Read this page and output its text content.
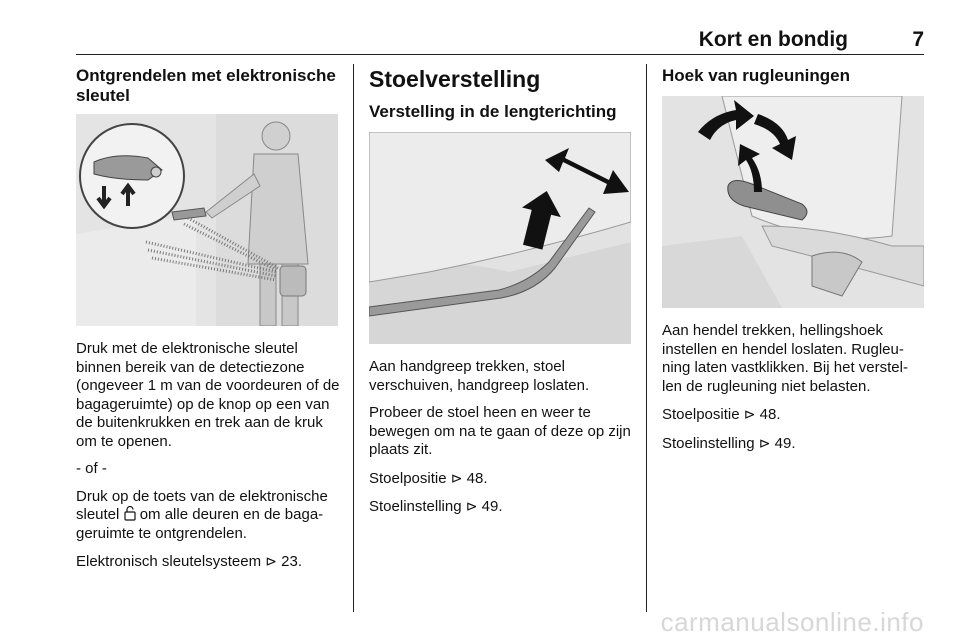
Kort en bondig	7
Ontgrendelen met elektronische sleutel

Druk met de elektronische sleutel binnen bereik van de detectiezone (ongeveer 1 m van de voordeuren of de bagageruimte) op de knop op een van de buitenkrukken en trek aan de kruk om te openen.

- of -

Druk op de toets van de elektronische sleutel om alle deuren en de baga-geruimte te ontgrendelen.

Elektronisch sleutelsysteem ⊳ 23.

Stoelverstelling
Verstelling in de lengterichting

Aan handgreep trekken, stoel verschuiven, handgreep loslaten.

Probeer de stoel heen en weer te bewegen om na te gaan of deze op zijn plaats zit.

Stoelpositie ⊳ 48.

Stoelinstelling ⊳ 49.

Hoek van rugleuningen

Aan hendel trekken, hellingshoek instellen en hendel loslaten. Rugleu-ning laten vastklikken. Bij het verstel-len de rugleuning niet belasten.

Stoelpositie ⊳ 48.

Stoelinstelling ⊳ 49.

carmanualsonline.info
